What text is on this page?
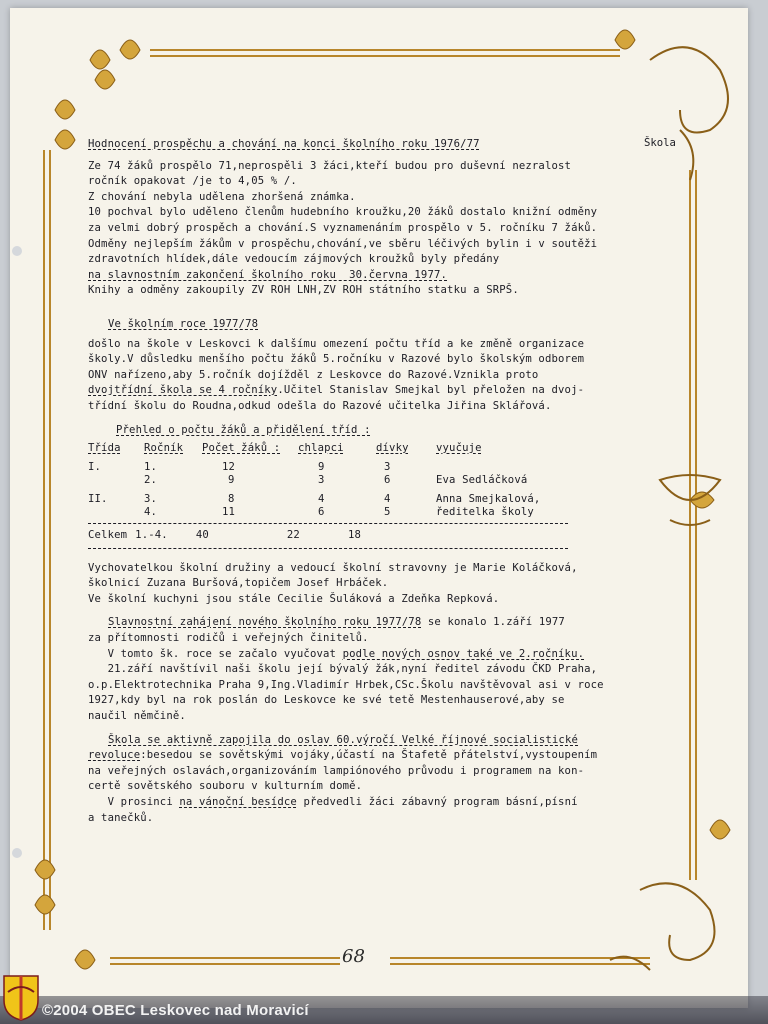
Škola
Hodnocení prospěchu a chování na konci školního roku 1976/77
Ze 74 žáků prospělo 71,neprospěli 3 žáci,kteří budou pro duševní nezralost
ročník opakovat /je to 4,05 % /.
Z chování nebyla udělena zhoršená známka.
10 pochval bylo uděleno členům hudebního kroužku,20 žáků dostalo knižní odměny
za velmi dobrý prospěch a chování.S vyznamenáním prospělo v 5. ročníku 7 žáků.
Odměny nejlepším žákům v prospěchu,chování,ve sběru léčivých bylin i v soutěži
zdravotních hlídek,dále vedoucím zájmových kroužků byly předány
na slavnostním zakončení školního roku  30.června 1977.
Knihy a odměny zakoupily ZV ROH LNH,ZV ROH státního statku a SRPŠ.
Ve školním roce 1977/78
došlo na škole v Leskovci k dalšímu omezení počtu tříd a ke změně organizace
školy.V důsledku menšího počtu žáků 5.ročníku v Razové bylo školským odborem
ONV nařízeno,aby 5.ročník dojížděl z Leskovce do Razové.Vznikla proto
dvojtřídní škola se 4 ročníky.Učitel Stanislav Smejkal byl přeložen na dvoj-
třídní školu do Roudna,odkud odešla do Razové učitelka Jiřina Sklářová.
Přehled o počtu žáků a přidělení tříd :
Třída	Ročník	Počet žáků :	chlapci	dívky	vyučuje
I.	1.	12	9	3	
	2.	9	3	6	Eva Sedláčková
II.	3.	8	4	4	Anna Smejkalová,
	4.	11	6	5	ředitelka školy
Celkem 1.-4.	40	22	18
Vychovatelkou školní družiny a vedoucí školní stravovny je Marie Koláčková,
školnicí Zuzana Buršová,topičem Josef Hrbáček.
Ve školní kuchyni jsou stále Cecilie Šuláková a Zdeňka Repková.
Slavnostní zahájení nového školního roku 1977/78 se konalo 1.září 1977
za přítomnosti rodičů i veřejných činitelů.
V tomto šk. roce se začalo vyučovat podle nových osnov také ve 2.ročníku.
21.září navštívil naši školu její bývalý žák,nyní ředitel závodu ČKD Praha,
o.p.Elektrotechnika Praha 9,Ing.Vladimír Hrbek,CSc.Školu navštěvoval asi v roce
1927,kdy byl na rok poslán do Leskovce ke své tetě Mestenhauserové,aby se
naučil němčině.
Škola se aktivně zapojila do oslav 60.výročí Velké říjnové socialistické
revoluce:besedou se sovětskými vojáky,účastí na Štafetě přátelství,vystoupením
na veřejných oslavách,organizováním lampiónového průvodu i programem na kon-
certě sovětského souboru v kulturním domě.
V prosinci na vánoční besídce předvedli žáci zábavný program básní,písní
a tanečků.
68
©2004 OBEC Leskovec nad Moravicí
